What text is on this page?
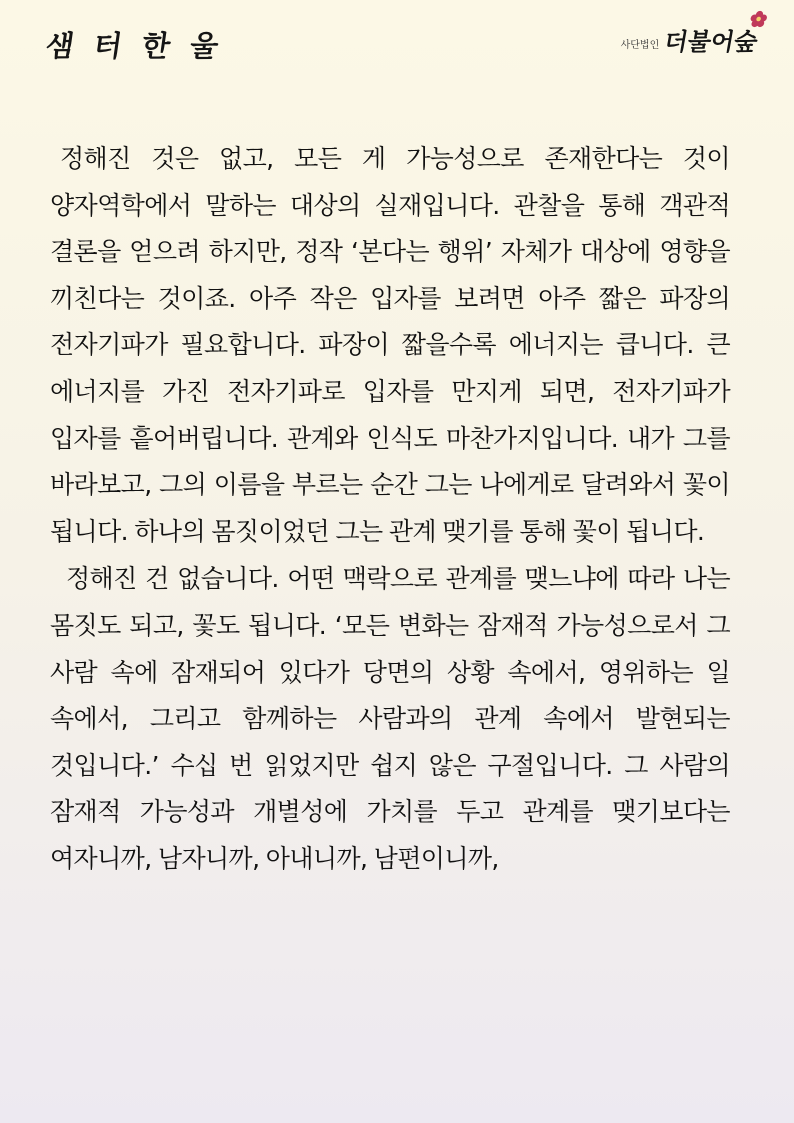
샘 터 한 울	사단법인 더불어숲

정해진 것은 없고, 모든 게 가능성으로 존재한다는 것이 양자역학에서 말하는 대상의 실재입니다. 관찰을 통해 객관적 결론을 얻으려 하지만, 정작 ‘본다는 행위’ 자체가 대상에 영향을 끼친다는 것이죠. 아주 작은 입자를 보려면 아주 짧은 파장의 전자기파가 필요합니다. 파장이 짧을수록 에너지는 큽니다. 큰 에너지를 가진 전자기파로 입자를 만지게 되면, 전자기파가 입자를 흩어버립니다. 관계와 인식도 마찬가지입니다. 내가 그를 바라보고, 그의 이름을 부르는 순간 그는 나에게로 달려와서 꽃이 됩니다. 하나의 몸짓이었던 그는 관계 맺기를 통해 꽃이 됩니다.

정해진 건 없습니다. 어떤 맥락으로 관계를 맺느냐에 따라 나는 몸짓도 되고, 꽃도 됩니다. ‘모든 변화는 잠재적 가능성으로서 그 사람 속에 잠재되어 있다가 당면의 상황 속에서, 영위하는 일 속에서, 그리고 함께하는 사람과의 관계 속에서 발현되는 것입니다.’ 수십 번 읽었지만 쉽지 않은 구절입니다. 그 사람의 잠재적 가능성과 개별성에 가치를 두고 관계를 맺기보다는 여자니까, 남자니까, 아내니까, 남편이니까,
